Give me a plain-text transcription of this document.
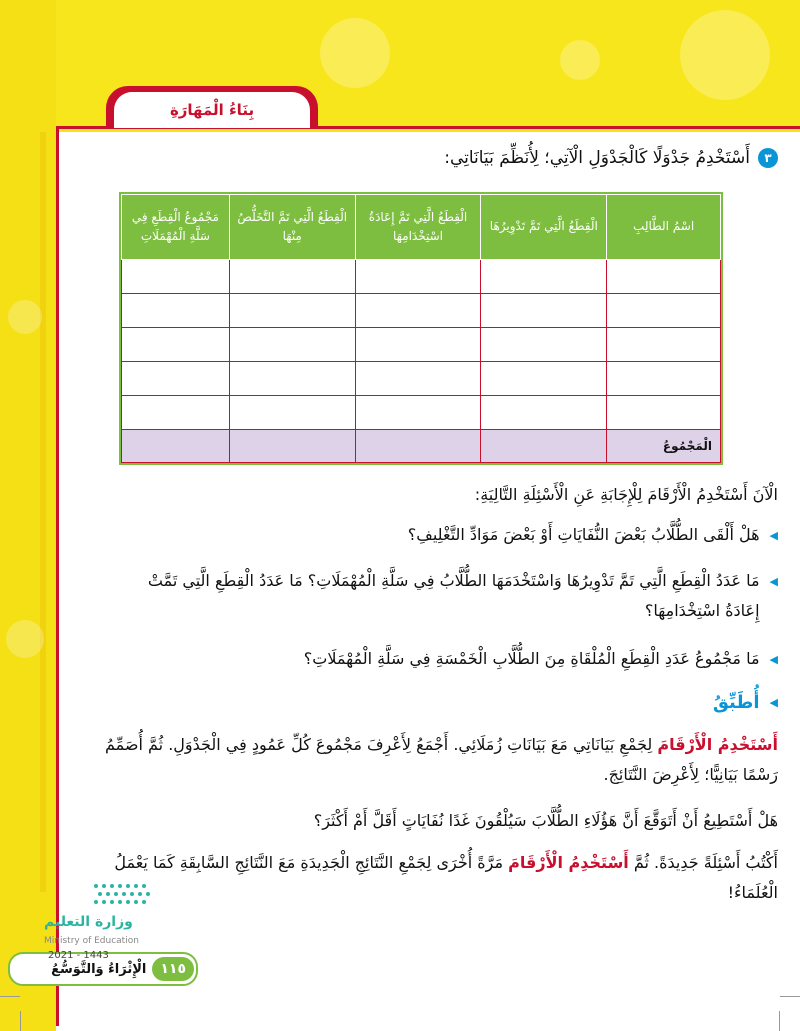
بِنَاءُ الْمَهَارَةِ
٣
أَسْتَخْدِمُ جَدْوَلًا كَالْجَدْوَلِ الْآتِي؛ لِأُنَظِّمَ بَيَانَاتِي:
اسْمُ الطَّالِبِ	الْقِطَعُ الَّتِي تَمَّ تَدْوِيرُهَا	الْقِطَعُ الَّتِي تَمَّ إِعَادَةُ اسْتِخْدَامِهَا	الْقِطَعُ الَّتِي تَمَّ التَّخَلُّصُ مِنْهَا	مَجْمُوعُ الْقِطَعِ فِي سَلَّةِ الْمُهْمَلَاتِ

الْمَجْمُوعُ				
الْآنَ أَسْتَخْدِمُ الْأَرْقَامَ لِلْإِجَابَةِ عَنِ الْأَسْئِلَةِ التَّالِيَةِ:
◀
هَلْ أَلْقَى الطُّلَّابُ بَعْضَ النُّفَايَاتِ أَوْ بَعْضَ مَوَادِّ التَّغْلِيفِ؟
◀
مَا عَدَدُ الْقِطَعِ الَّتِي تَمَّ تَدْوِيرُهَا وَاسْتَخْدَمَهَا الطُّلَّابُ فِي سَلَّةِ الْمُهْمَلَاتِ؟ مَا عَدَدُ الْقِطَعِ الَّتِي تَمَّتْ إِعَادَةُ اسْتِخْدَامِهَا؟
◀
مَا مَجْمُوعُ عَدَدِ الْقِطَعِ الْمُلْقَاةِ مِنَ الطُّلَّابِ الْخَمْسَةِ فِي سَلَّةِ الْمُهْمَلَاتِ؟
◀
أُطَبِّقُ
أَسْتَخْدِمُ الْأَرْقَامَ لِجَمْعِ بَيَانَاتِي مَعَ بَيَانَاتِ زُمَلَائِي. أَجْمَعُ لِأَعْرِفَ مَجْمُوعَ كُلِّ عَمُودٍ فِي الْجَدْوَلِ. ثُمَّ أُصَمِّمُ رَسْمًا بَيَانِيًّا؛ لِأَعْرِضَ النَّتَائِجَ.
هَلْ أَسْتَطِيعُ أَنْ أَتَوَقَّعَ أَنَّ هَؤُلَاءِ الطُّلَّابَ سَيُلْقُونَ غَدًا نُفَايَاتٍ أَقَلَّ أَمْ أَكْثَرَ؟
أَكْتُبُ أَسْئِلَةً جَدِيدَةً. ثُمَّ أَسْتَخْدِمُ الْأَرْقَامَ مَرَّةً أُخْرَى لِجَمْعِ النَّتَائِجِ الْجَدِيدَةِ مَعَ النَّتَائِجِ السَّابِقَةِ كَمَا يَعْمَلُ الْعُلَمَاءُ!
وزارة التعليم
Ministry of Education
١١٥
الْإِثْرَاءُ وَالتَّوَسُّعُ
2021 - 1443
